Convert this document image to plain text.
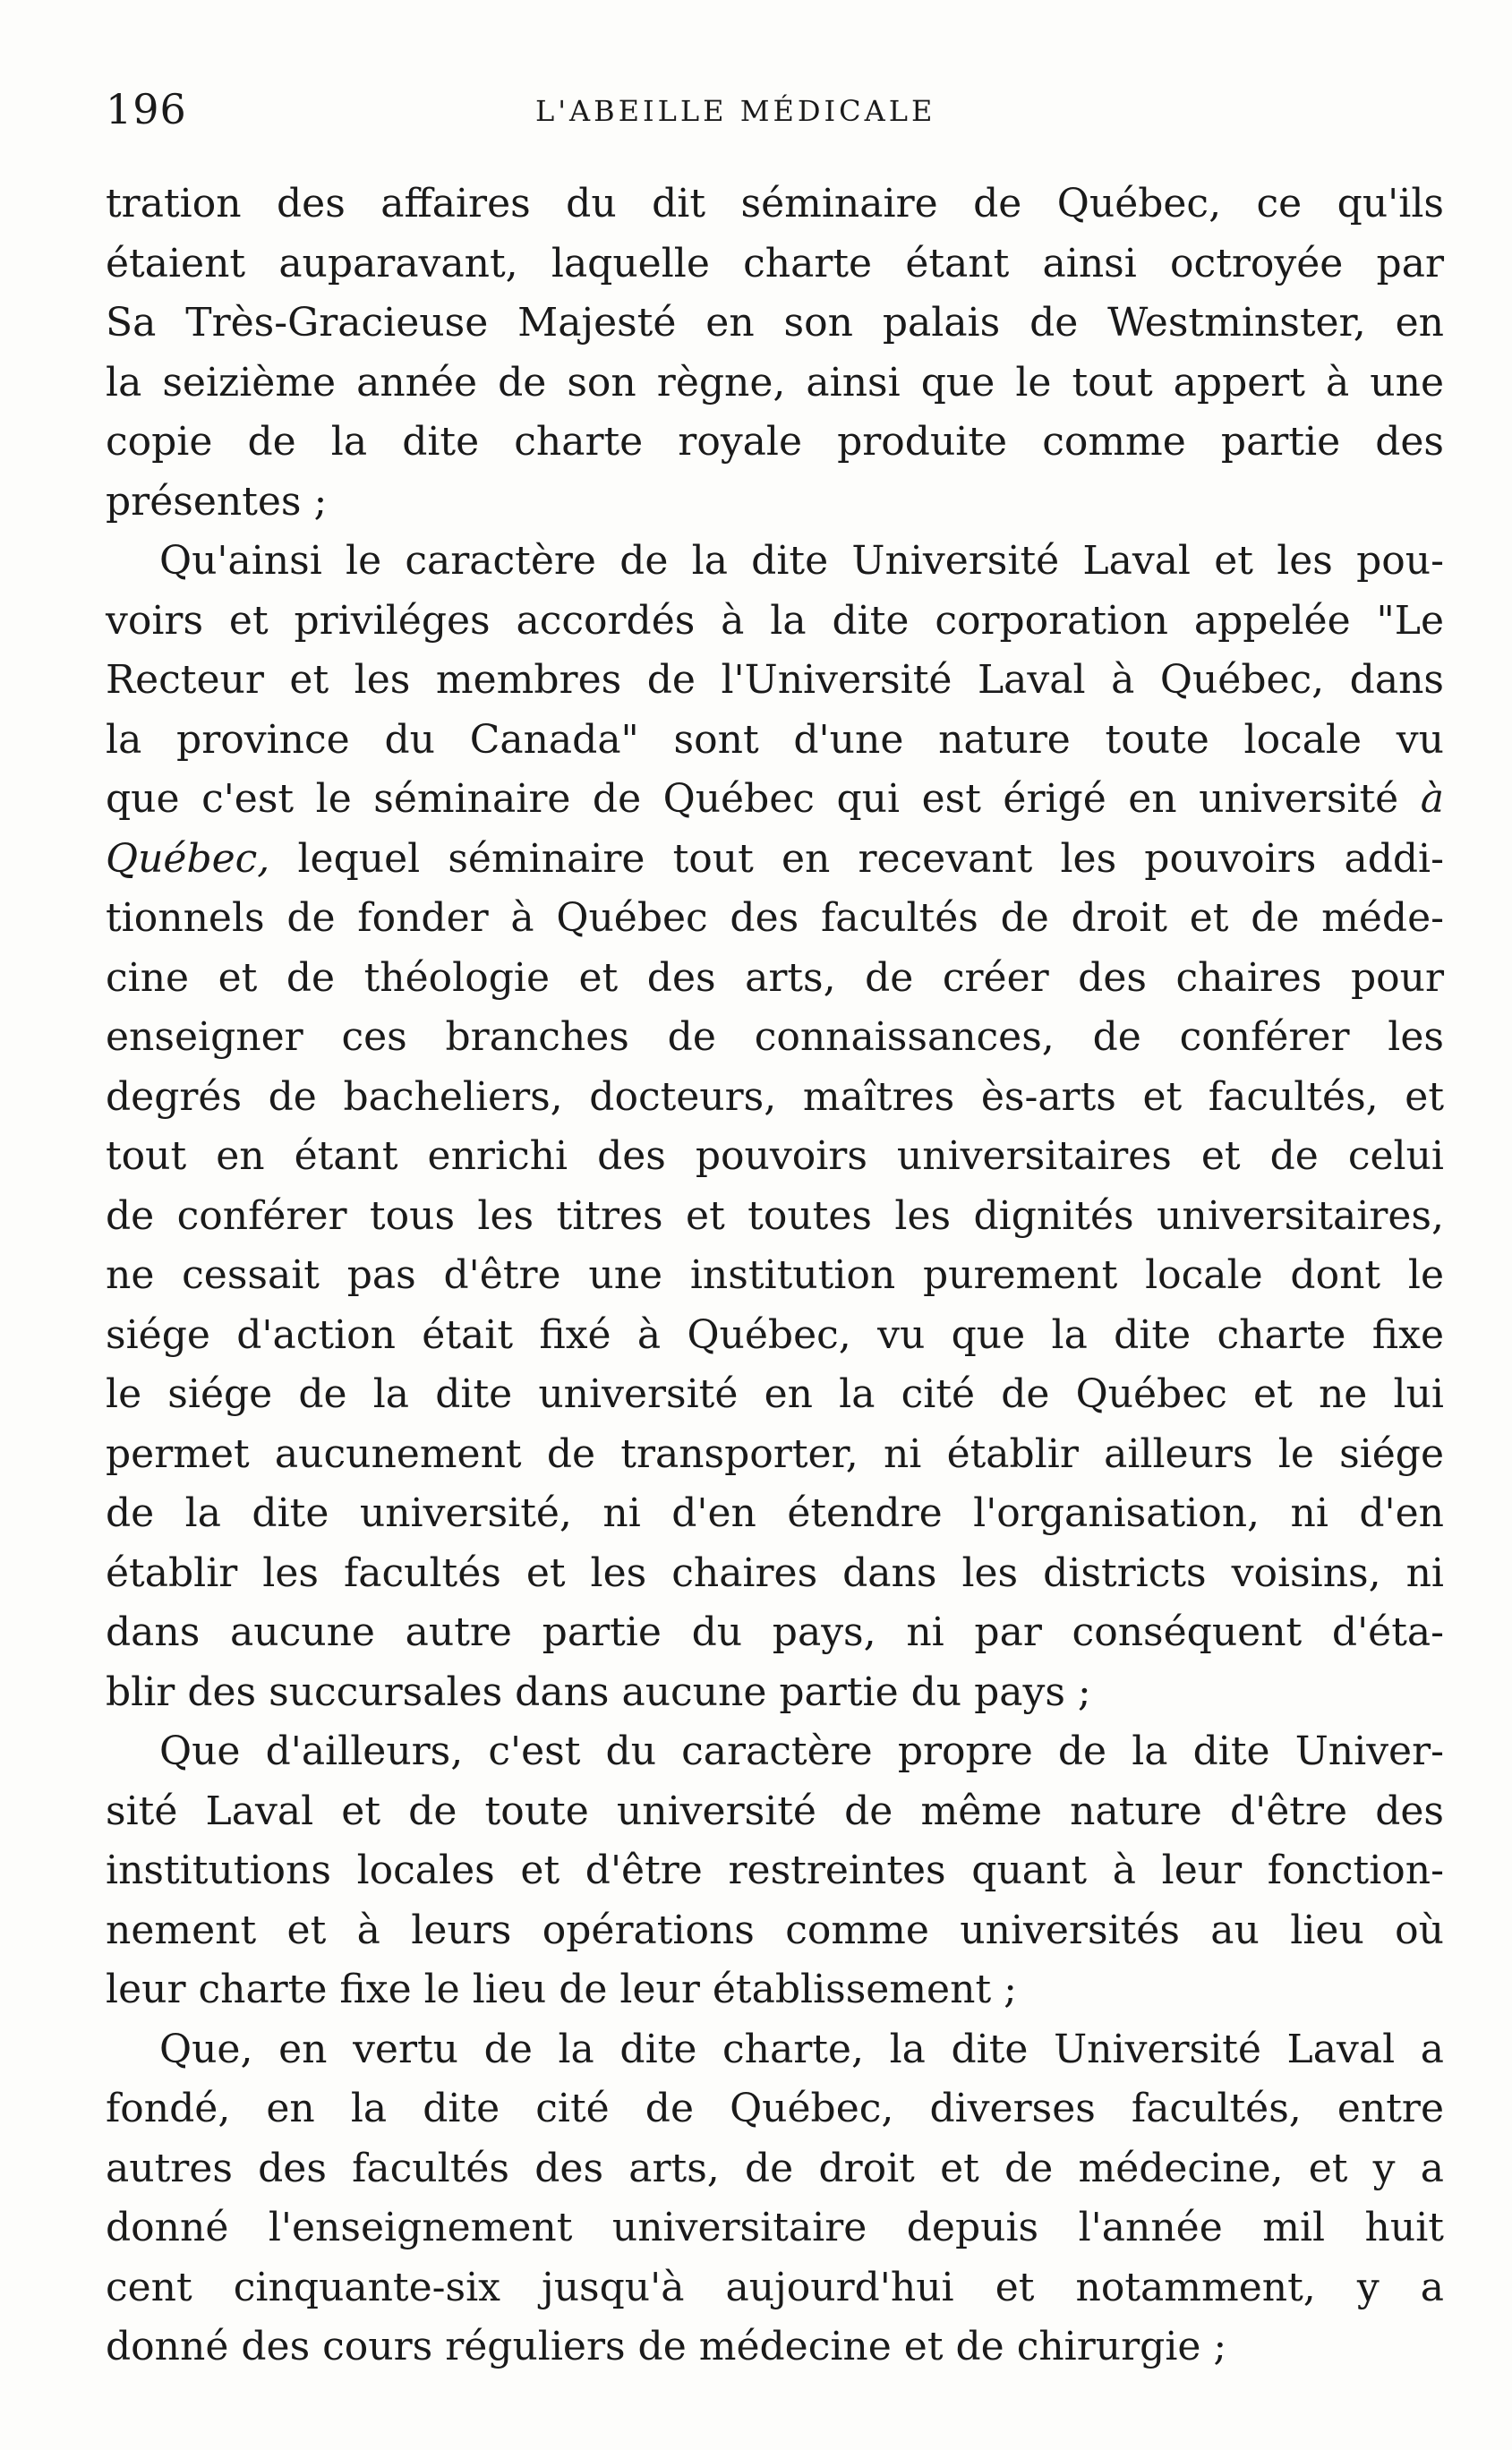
196	L'ABEILLE MÉDICALE
tration des affaires du dit séminaire de Québec, ce qu'ils
étaient auparavant, laquelle charte étant ainsi octroyée par
Sa Très-Gracieuse Majesté en son palais de Westminster, en
la seizième année de son règne, ainsi que le tout appert à une
copie de la dite charte royale produite comme partie des
présentes ;
Qu'ainsi le caractère de la dite Université Laval et les pou-
voirs et priviléges accordés à la dite corporation appelée "Le
Recteur et les membres de l'Université Laval à Québec, dans
la province du Canada" sont d'une nature toute locale vu
que c'est le séminaire de Québec qui est érigé en université à
Québec, lequel séminaire tout en recevant les pouvoirs addi-
tionnels de fonder à Québec des facultés de droit et de méde-
cine et de théologie et des arts, de créer des chaires pour
enseigner ces branches de connaissances, de conférer les
degrés de bacheliers, docteurs, maîtres ès-arts et facultés, et
tout en étant enrichi des pouvoirs universitaires et de celui
de conférer tous les titres et toutes les dignités universitaires,
ne cessait pas d'être une institution purement locale dont le
siége d'action était fixé à Québec, vu que la dite charte fixe
le siége de la dite université en la cité de Québec et ne lui
permet aucunement de transporter, ni établir ailleurs le siége
de la dite université, ni d'en étendre l'organisation, ni d'en
établir les facultés et les chaires dans les districts voisins, ni
dans aucune autre partie du pays, ni par conséquent d'éta-
blir des succursales dans aucune partie du pays ;
Que d'ailleurs, c'est du caractère propre de la dite Univer-
sité Laval et de toute université de même nature d'être des
institutions locales et d'être restreintes quant à leur fonction-
nement et à leurs opérations comme universités au lieu où
leur charte fixe le lieu de leur établissement ;
Que, en vertu de la dite charte, la dite Université Laval a
fondé, en la dite cité de Québec, diverses facultés, entre
autres des facultés des arts, de droit et de médecine, et y a
donné l'enseignement universitaire depuis l'année mil huit
cent cinquante-six jusqu'à aujourd'hui et notamment, y a
donné des cours réguliers de médecine et de chirurgie ;
